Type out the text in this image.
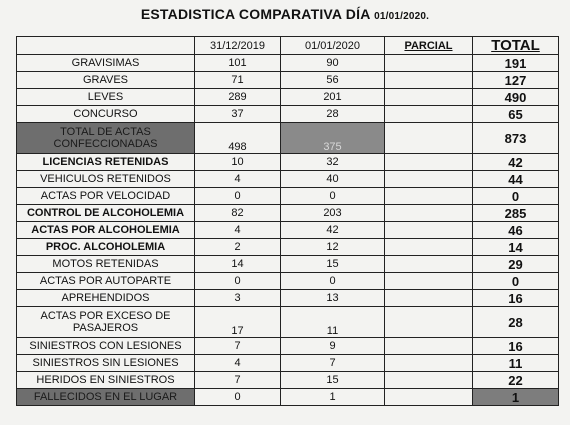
ESTADISTICA COMPARATIVA DÍA 01/01/2020.
	31/12/2019	01/01/2020	PARCIAL	TOTAL
GRAVISIMAS	101	90		191
GRAVES	71	56		127
LEVES	289	201		490
CONCURSO	37	28		65
TOTAL DE ACTAS CONFECCIONADAS	498	375		873
LICENCIAS RETENIDAS	10	32		42
VEHICULOS RETENIDOS	4	40		44
ACTAS POR VELOCIDAD	0	0		0
CONTROL DE ALCOHOLEMIA	82	203		285
ACTAS POR ALCOHOLEMIA	4	42		46
PROC. ALCOHOLEMIA	2	12		14
MOTOS RETENIDAS	14	15		29
ACTAS POR AUTOPARTE	0	0		0
APREHENDIDOS	3	13		16
ACTAS POR EXCESO DE PASAJEROS	17	11		28
SINIESTROS CON LESIONES	7	9		16
SINIESTROS SIN LESIONES	4	7		11
HERIDOS EN SINIESTROS	7	15		22
FALLECIDOS EN EL LUGAR	0	1		1
